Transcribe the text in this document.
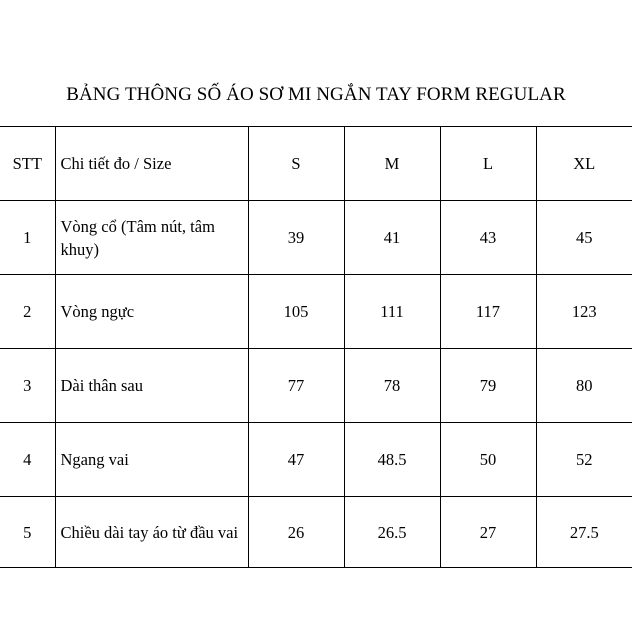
BẢNG THÔNG SỐ ÁO SƠ MI NGẮN TAY FORM REGULAR
STT	Chi tiết đo / Size	S	M	L	XL
1	Vòng cổ (Tâm nút, tâm khuy)	39	41	43	45
2	Vòng ngực	105	111	117	123
3	Dài thân sau	77	78	79	80
4	Ngang vai	47	48.5	50	52
5	Chiều dài tay áo từ đầu vai	26	26.5	27	27.5
